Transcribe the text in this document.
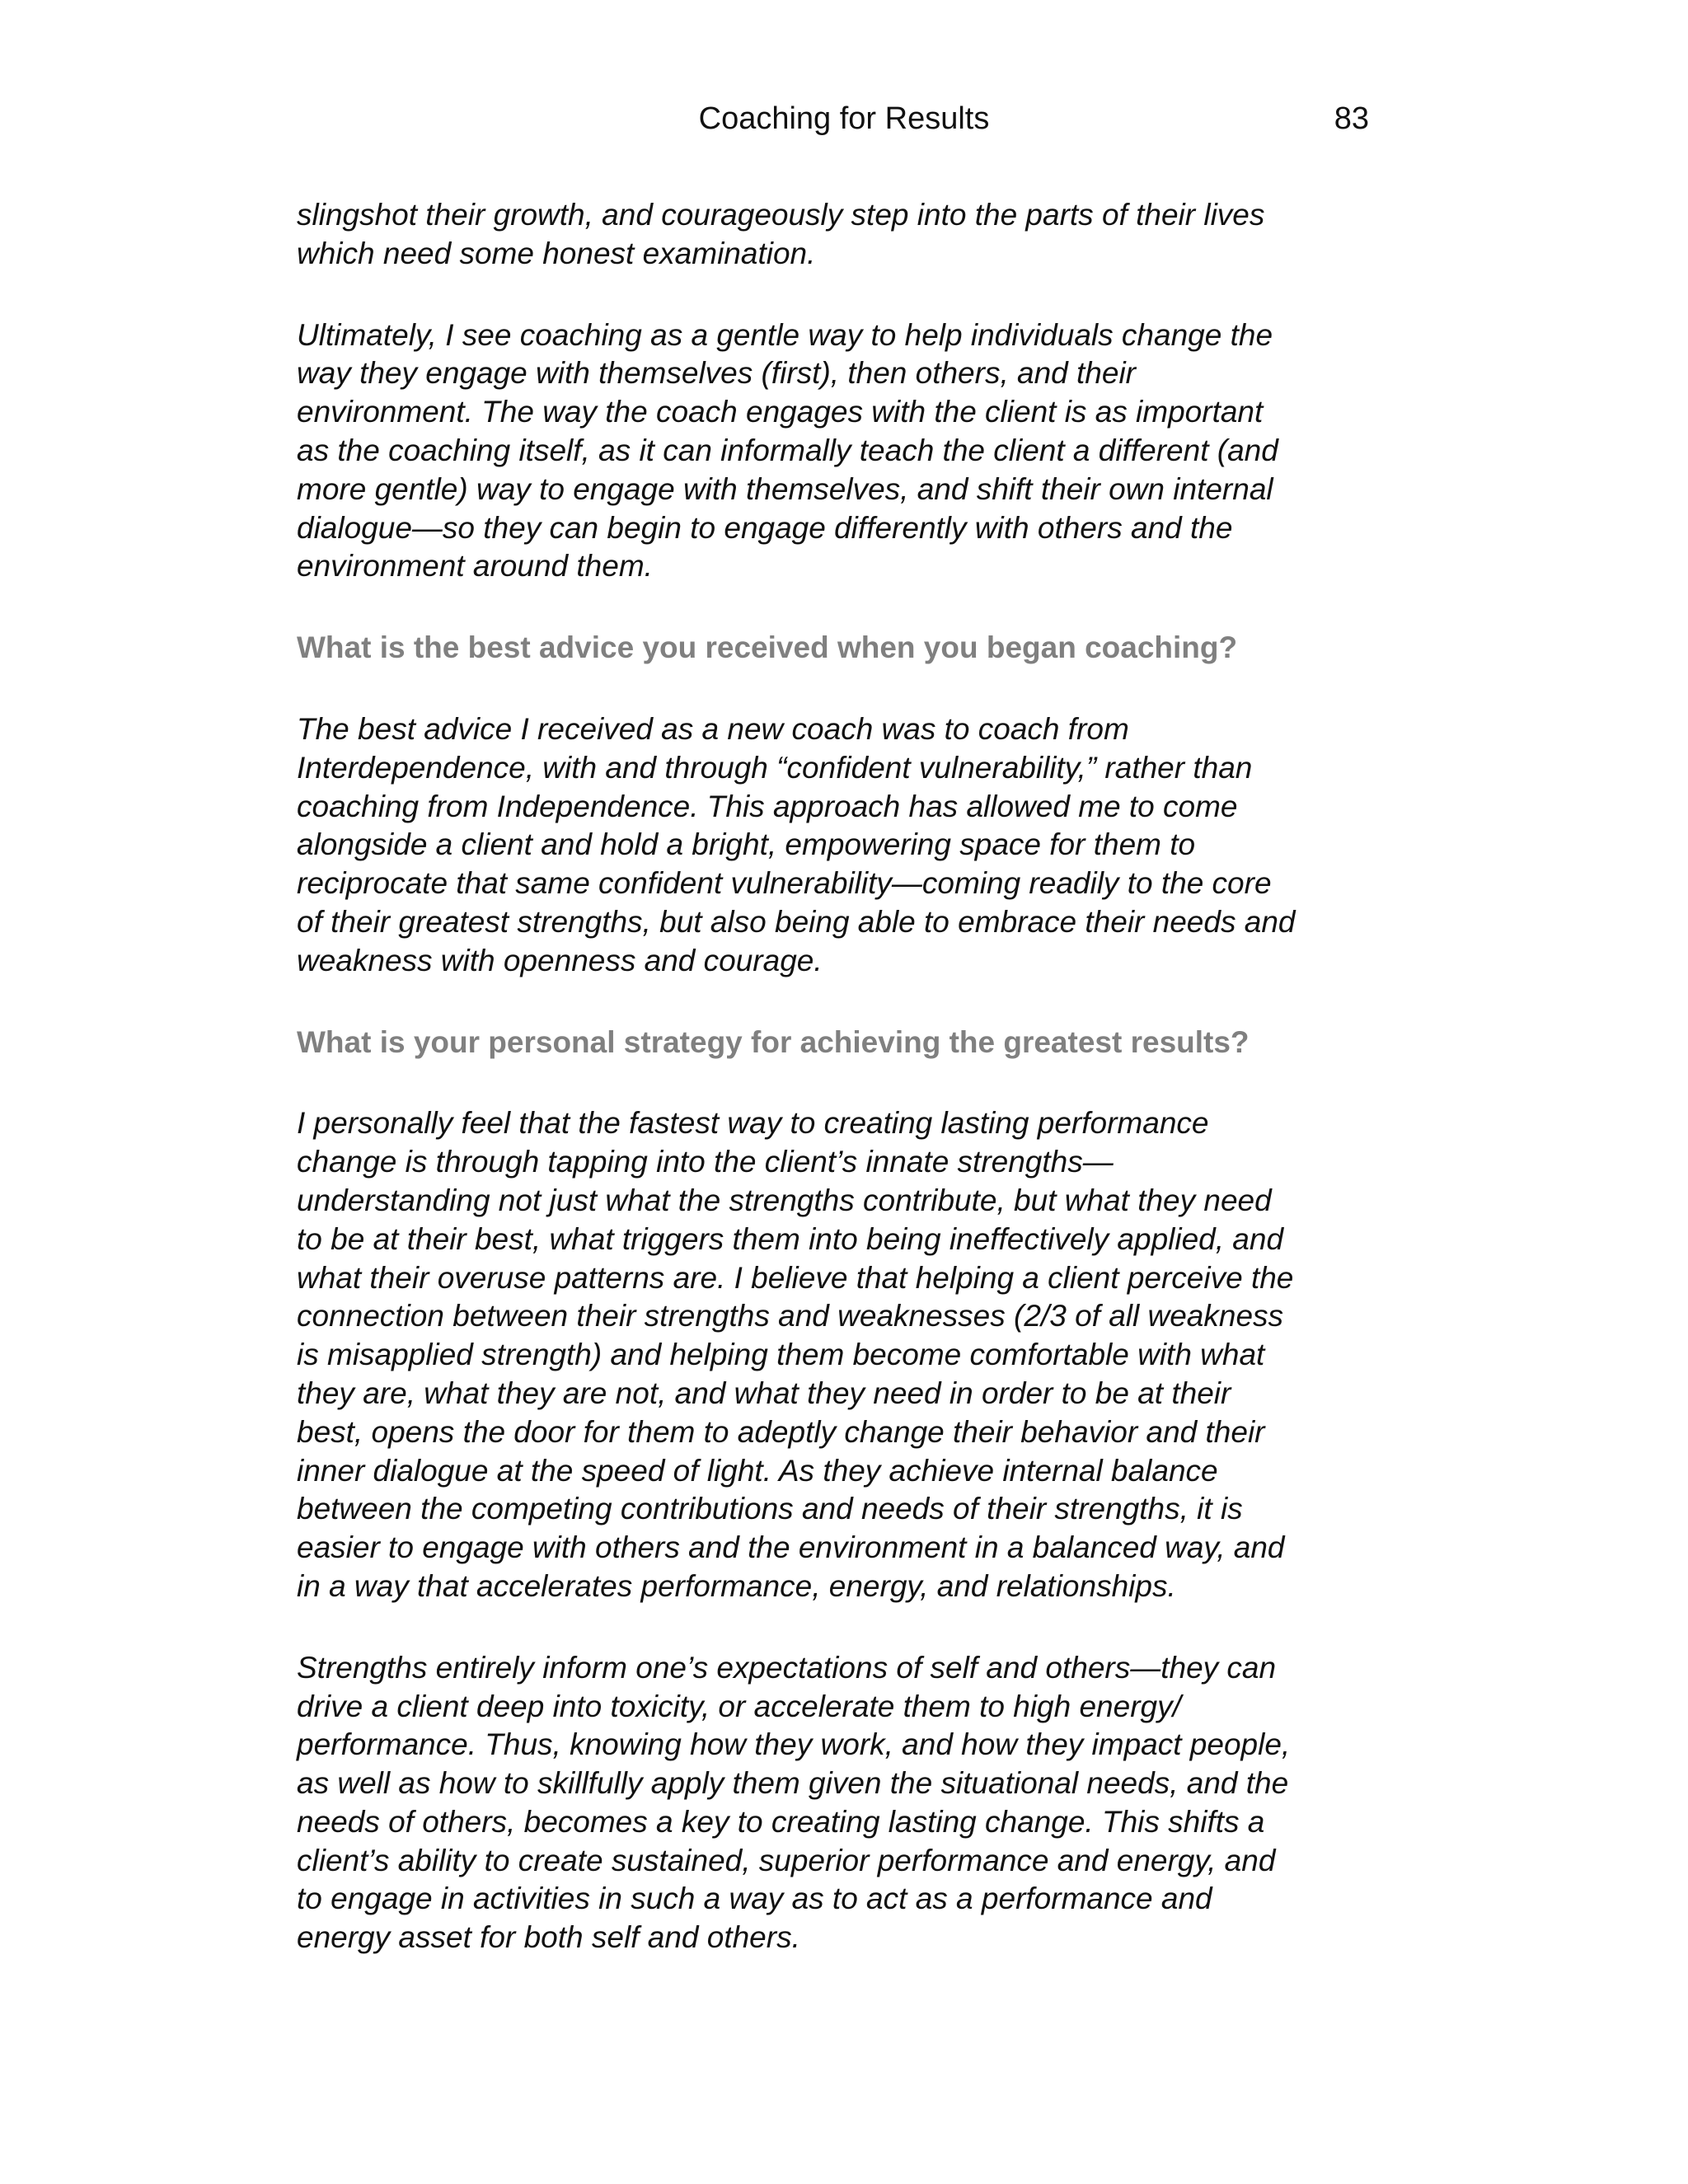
Coaching for Results	83

slingshot their growth, and courageously step into the parts of their lives
which need some honest examination.

Ultimately, I see coaching as a gentle way to help individuals change the
way they engage with themselves (first), then others, and their
environment. The way the coach engages with the client is as important
as the coaching itself, as it can informally teach the client a different (and
more gentle) way to engage with themselves, and shift their own internal
dialogue—so they can begin to engage differently with others and the
environment around them.

What is the best advice you received when you began coaching?

The best advice I received as a new coach was to coach from
Interdependence, with and through “confident vulnerability,” rather than
coaching from Independence. This approach has allowed me to come
alongside a client and hold a bright, empowering space for them to
reciprocate that same confident vulnerability—coming readily to the core
of their greatest strengths, but also being able to embrace their needs and
weakness with openness and courage.

What is your personal strategy for achieving the greatest results?

I personally feel that the fastest way to creating lasting performance
change is through tapping into the client’s innate strengths—
understanding not just what the strengths contribute, but what they need
to be at their best, what triggers them into being ineffectively applied, and
what their overuse patterns are. I believe that helping a client perceive the
connection between their strengths and weaknesses (2/3 of all weakness
is misapplied strength) and helping them become comfortable with what
they are, what they are not, and what they need in order to be at their
best, opens the door for them to adeptly change their behavior and their
inner dialogue at the speed of light. As they achieve internal balance
between the competing contributions and needs of their strengths, it is
easier to engage with others and the environment in a balanced way, and
in a way that accelerates performance, energy, and relationships.

Strengths entirely inform one’s expectations of self and others—they can
drive a client deep into toxicity, or accelerate them to high energy/
performance. Thus, knowing how they work, and how they impact people,
as well as how to skillfully apply them given the situational needs, and the
needs of others, becomes a key to creating lasting change. This shifts a
client’s ability to create sustained, superior performance and energy, and
to engage in activities in such a way as to act as a performance and
energy asset for both self and others.
